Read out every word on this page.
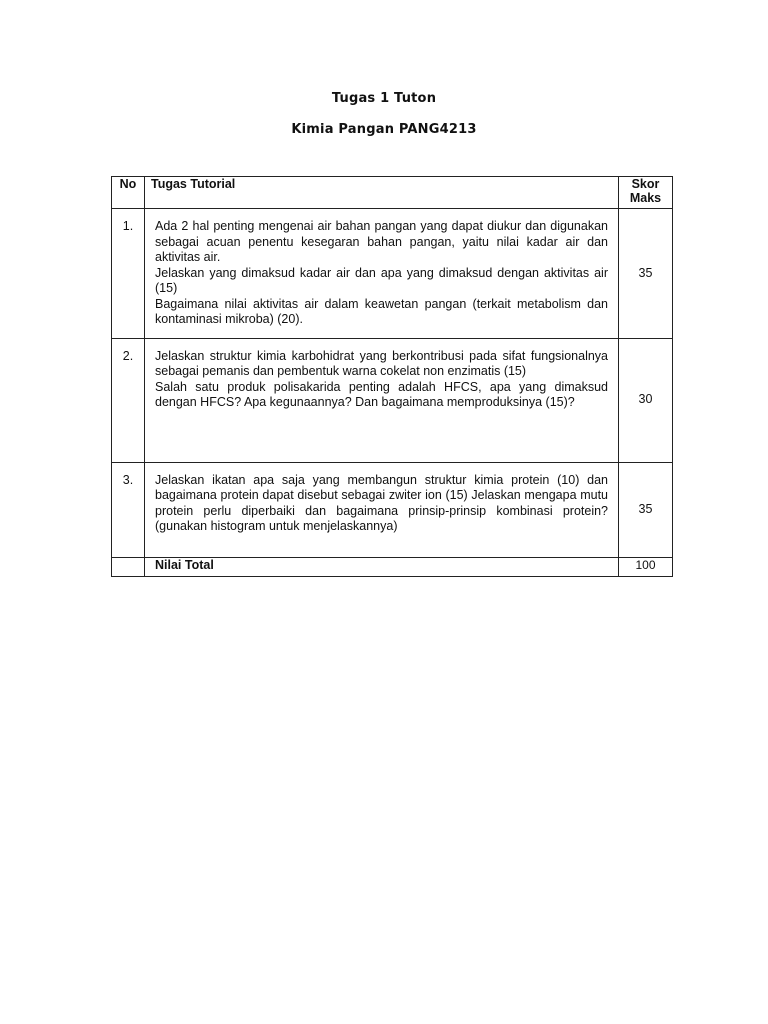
Tugas 1 Tuton
Kimia Pangan PANG4213
No	Tugas Tutorial	Skor
Maks
1.	Ada 2 hal penting mengenai air bahan pangan yang dapat diukur dan digunakan sebagai acuan penentu kesegaran bahan pangan, yaitu nilai kadar air dan aktivitas air.

Jelaskan yang dimaksud kadar air dan apa yang dimaksud dengan aktivitas air (15)

Bagaimana nilai aktivitas air dalam keawetan pangan (terkait metabolism dan kontaminasi mikroba) (20).	35
2.	Jelaskan struktur kimia karbohidrat yang berkontribusi pada sifat fungsionalnya sebagai pemanis dan pembentuk warna cokelat non enzimatis (15)

Salah satu produk polisakarida penting adalah HFCS, apa yang dimaksud dengan HFCS? Apa kegunaannya? Dan bagaimana memproduksinya (15)?	30
3.	Jelaskan ikatan apa saja yang membangun struktur kimia protein (10) dan bagaimana protein dapat disebut sebagai zwiter ion (15) Jelaskan mengapa mutu protein perlu diperbaiki dan bagaimana prinsip-prinsip kombinasi protein? (gunakan histogram untuk menjelaskannya)	35
	Nilai Total	100
